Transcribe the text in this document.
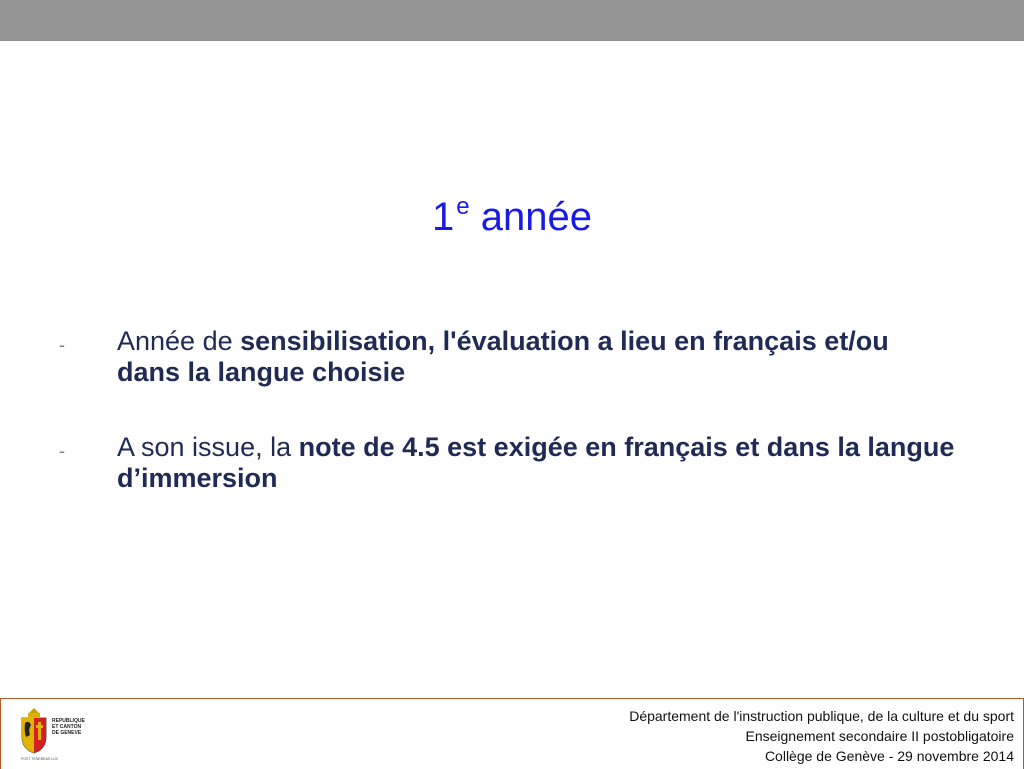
1e année
- Année de sensibilisation, l'évaluation a lieu en français et/ou dans la langue choisie
- A son issue, la note de 4.5 est exigée en français et dans la langue d’immersion
REPUBLIQUE
ET CANTON
DE GENEVE
POST TENEBRAS LUX
Département de l'instruction publique, de la culture et du sport
Enseignement secondaire II postobligatoire
Collège de Genève - 29 novembre 2014
